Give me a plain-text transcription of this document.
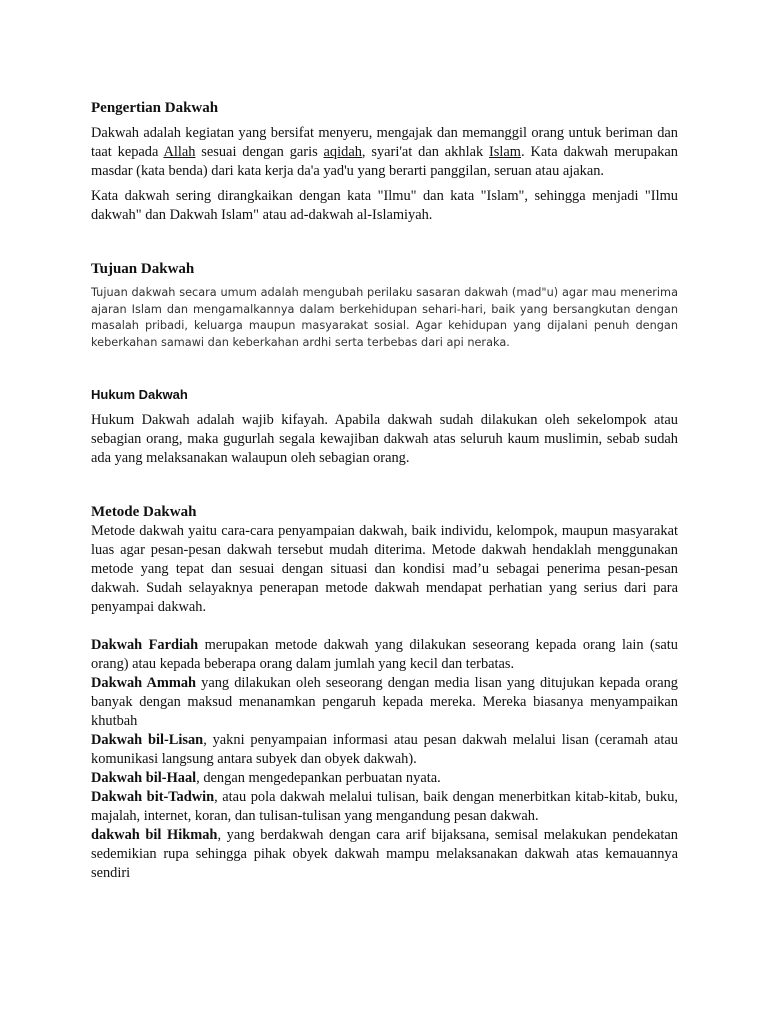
Pengertian Dakwah

Dakwah adalah kegiatan yang bersifat menyeru, mengajak dan memanggil orang untuk beriman dan taat kepada Allah sesuai dengan garis aqidah, syari'at dan akhlak Islam. Kata dakwah merupakan masdar (kata benda) dari kata kerja da'a yad'u yang berarti panggilan, seruan atau ajakan.

Kata dakwah sering dirangkaikan dengan kata "Ilmu" dan kata "Islam", sehingga menjadi "Ilmu dakwah" dan Dakwah Islam" atau ad-dakwah al-Islamiyah.

Tujuan Dakwah

Tujuan dakwah secara umum adalah mengubah perilaku sasaran dakwah (mad"u) agar mau menerima ajaran Islam dan mengamalkannya dalam berkehidupan sehari-hari, baik yang bersangkutan dengan masalah pribadi, keluarga maupun masyarakat sosial. Agar kehidupan yang dijalani penuh dengan keberkahan samawi dan keberkahan ardhi serta terbebas dari api neraka.

Hukum Dakwah

Hukum Dakwah adalah wajib kifayah. Apabila dakwah sudah dilakukan oleh sekelompok atau sebagian orang, maka gugurlah segala kewajiban dakwah atas seluruh kaum muslimin, sebab sudah ada yang melaksanakan walaupun oleh sebagian orang.

Metode Dakwah

Metode dakwah yaitu cara-cara penyampaian dakwah, baik individu, kelompok, maupun masyarakat luas agar pesan-pesan dakwah tersebut mudah diterima. Metode dakwah hendaklah menggunakan metode yang tepat dan sesuai dengan situasi dan kondisi mad’u sebagai penerima pesan-pesan dakwah. Sudah selayaknya penerapan metode dakwah mendapat perhatian yang serius dari para penyampai dakwah.

Dakwah Fardiah merupakan metode dakwah yang dilakukan seseorang kepada orang lain (satu orang) atau kepada beberapa orang dalam jumlah yang kecil dan terbatas.

Dakwah Ammah yang dilakukan oleh seseorang dengan media lisan yang ditujukan kepada orang banyak dengan maksud menanamkan pengaruh kepada mereka. Mereka biasanya menyampaikan khutbah

Dakwah bil-Lisan, yakni penyampaian informasi atau pesan dakwah melalui lisan (ceramah atau komunikasi langsung antara subyek dan obyek dakwah).

Dakwah bil-Haal, dengan mengedepankan perbuatan nyata.

Dakwah bit-Tadwin, atau pola dakwah melalui tulisan, baik dengan menerbitkan kitab-kitab, buku, majalah, internet, koran, dan tulisan-tulisan yang mengandung pesan dakwah.

dakwah bil Hikmah, yang berdakwah dengan cara arif bijaksana, semisal melakukan pendekatan sedemikian rupa sehingga pihak obyek dakwah mampu melaksanakan dakwah atas kemauannya sendiri
